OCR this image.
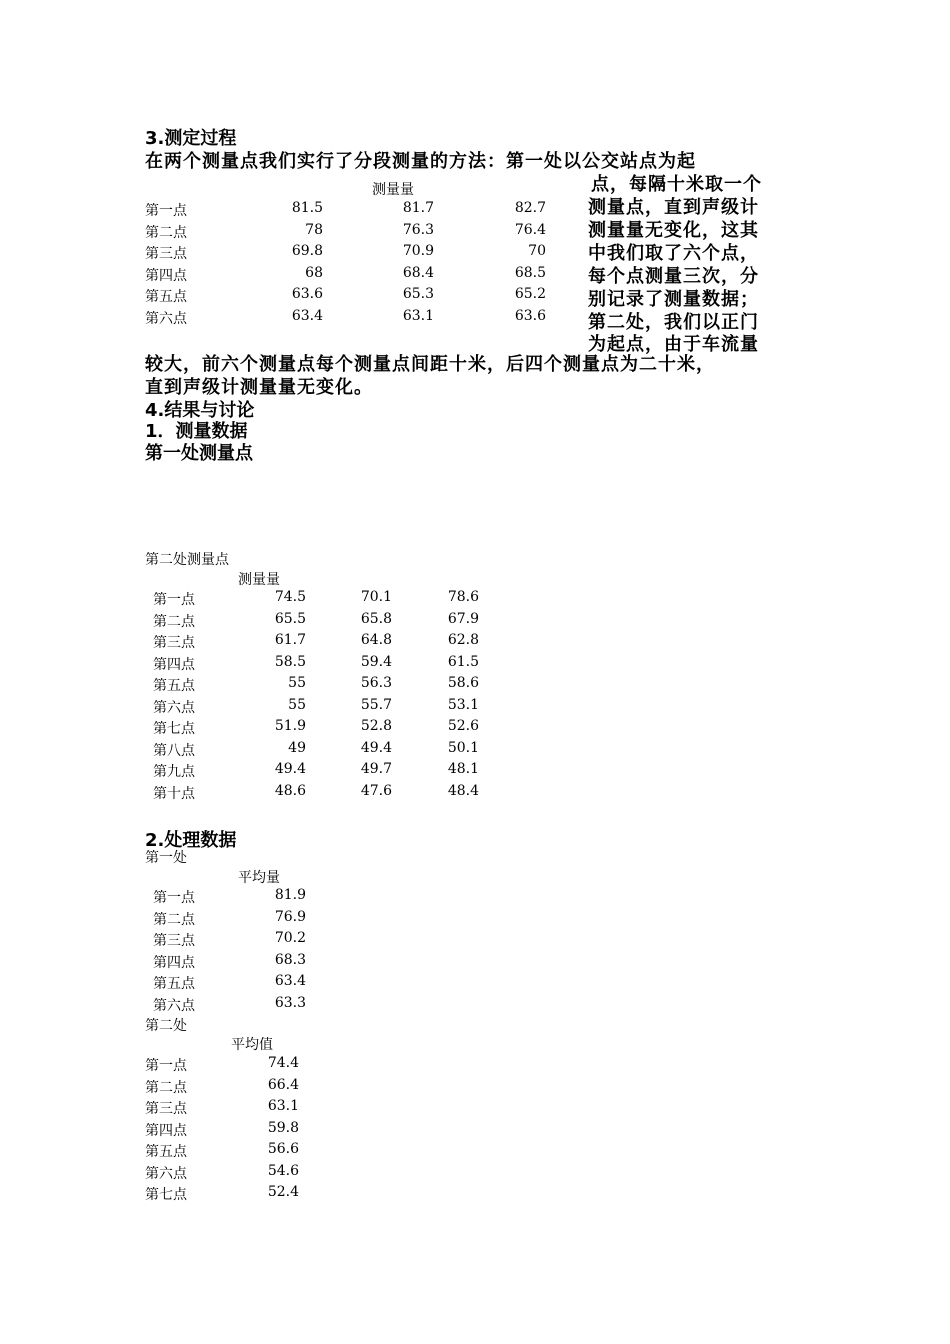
3.测定过程
在两个测量点我们实行了分段测量的方法：第一处以公交站点为起
点，每隔十米取一个
测量点，直到声级计
测量量无变化，这其
中我们取了六个点，
每个点测量三次，分
别记录了测量数据；
第二处，我们以正门
为起点，由于车流量
测量量
第一点	81.5	81.7	82.7
第二点	78	76.3	76.4
第三点	69.8	70.9	70
第四点	68	68.4	68.5
第五点	63.6	65.3	65.2
第六点	63.4	63.1	63.6
较大，前六个测量点每个测量点间距十米，后四个测量点为二十米，
直到声级计测量量无变化。
4.结果与讨论
1．测量数据
第一处测量点
第二处测量点
测量量
第一点	74.5	70.1	78.6
第二点	65.5	65.8	67.9
第三点	61.7	64.8	62.8
第四点	58.5	59.4	61.5
第五点	55	56.3	58.6
第六点	55	55.7	53.1
第七点	51.9	52.8	52.6
第八点	49	49.4	50.1
第九点	49.4	49.7	48.1
第十点	48.6	47.6	48.4
2.处理数据
第一处
平均量
第一点	81.9
第二点	76.9
第三点	70.2
第四点	68.3
第五点	63.4
第六点	63.3
第二处
平均值
第一点	74.4
第二点	66.4
第三点	63.1
第四点	59.8
第五点	56.6
第六点	54.6
第七点	52.4
